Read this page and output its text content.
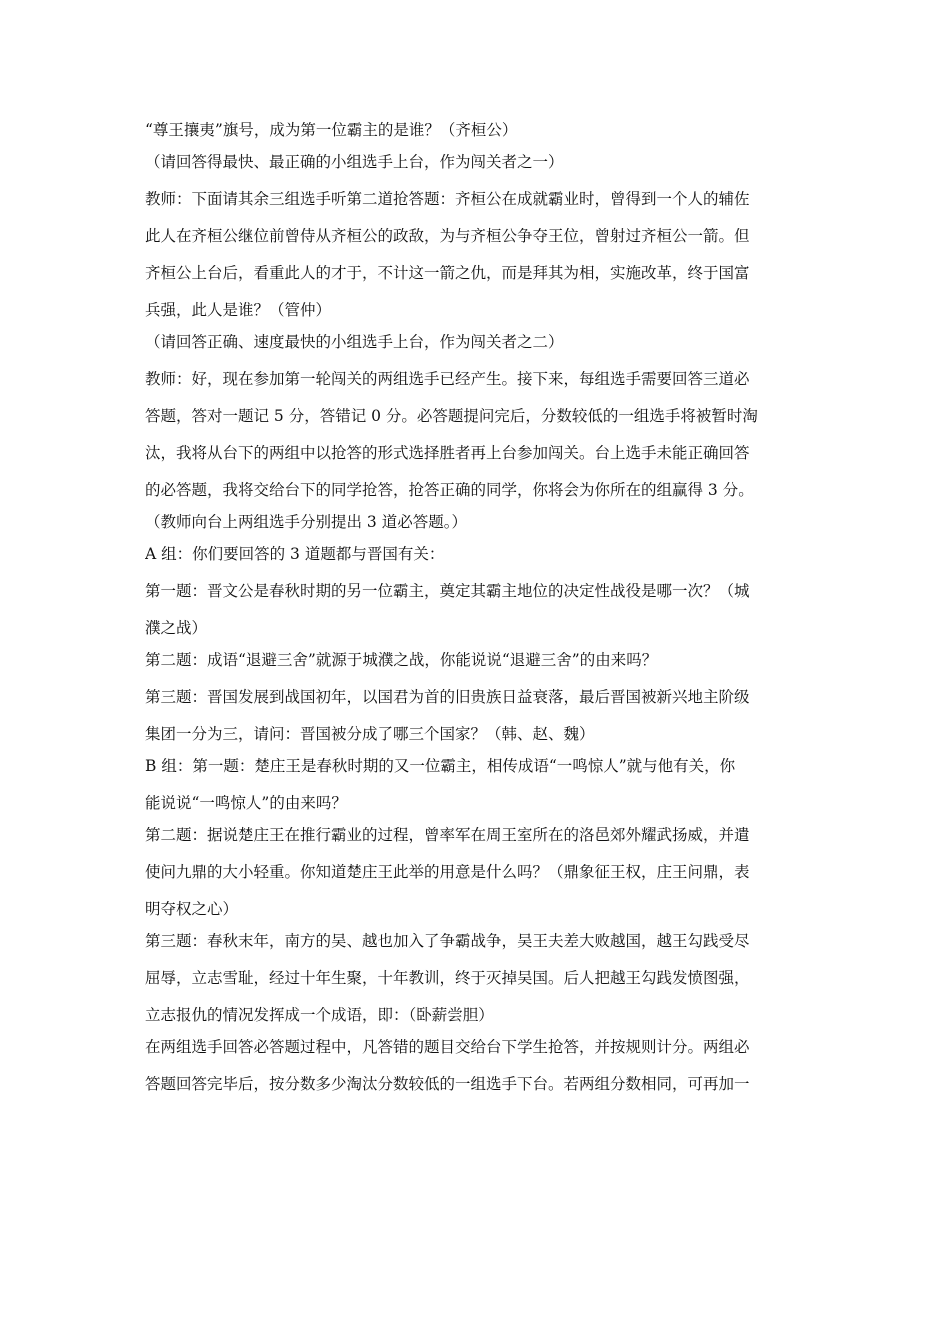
“尊王攘夷”旗号，成为第一位霸主的是谁？（齐桓公）
（请回答得最快、最正确的小组选手上台，作为闯关者之一）
教师：下面请其余三组选手听第二道抢答题：齐桓公在成就霸业时，曾得到一个人的辅佐
此人在齐桓公继位前曾侍从齐桓公的政敌，为与齐桓公争夺王位，曾射过齐桓公一箭。但
齐桓公上台后，看重此人的才于，不计这一箭之仇，而是拜其为相，实施改革，终于国富
兵强，此人是谁？（管仲）
（请回答正确、速度最快的小组选手上台，作为闯关者之二）
教师：好，现在参加第一轮闯关的两组选手已经产生。接下来，每组选手需要回答三道必
答题，答对一题记 5 分，答错记 0 分。必答题提问完后，分数较低的一组选手将被暂时淘
汰，我将从台下的两组中以抢答的形式选择胜者再上台参加闯关。台上选手未能正确回答
的必答题，我将交给台下的同学抢答，抢答正确的同学，你将会为你所在的组赢得 3 分。
（教师向台上两组选手分别提出 3 道必答题。）
A 组：你们要回答的 3 道题都与晋国有关：
第一题：晋文公是春秋时期的另一位霸主，奠定其霸主地位的决定性战役是哪一次？（城
濮之战）
第二题：成语“退避三舍”就源于城濮之战，你能说说“退避三舍”的由来吗？
第三题：晋国发展到战国初年，以国君为首的旧贵族日益衰落，最后晋国被新兴地主阶级
集团一分为三，请问：晋国被分成了哪三个国家？（韩、赵、魏）
B 组：第一题：楚庄王是春秋时期的又一位霸主，相传成语“一鸣惊人”就与他有关，你
能说说“一鸣惊人”的由来吗？
第二题：据说楚庄王在推行霸业的过程，曾率军在周王室所在的洛邑郊外耀武扬威，并遣
使问九鼎的大小轻重。你知道楚庄王此举的用意是什么吗？（鼎象征王权，庄王问鼎，表
明夺权之心）
第三题：春秋末年，南方的吴、越也加入了争霸战争，吴王夫差大败越国，越王勾践受尽
屈辱，立志雪耻，经过十年生聚，十年教训，终于灭掉吴国。后人把越王勾践发愤图强，
立志报仇的情况发挥成一个成语，即：（卧薪尝胆）
在两组选手回答必答题过程中，凡答错的题目交给台下学生抢答，并按规则计分。两组必
答题回答完毕后，按分数多少淘汰分数较低的一组选手下台。若两组分数相同，可再加一
